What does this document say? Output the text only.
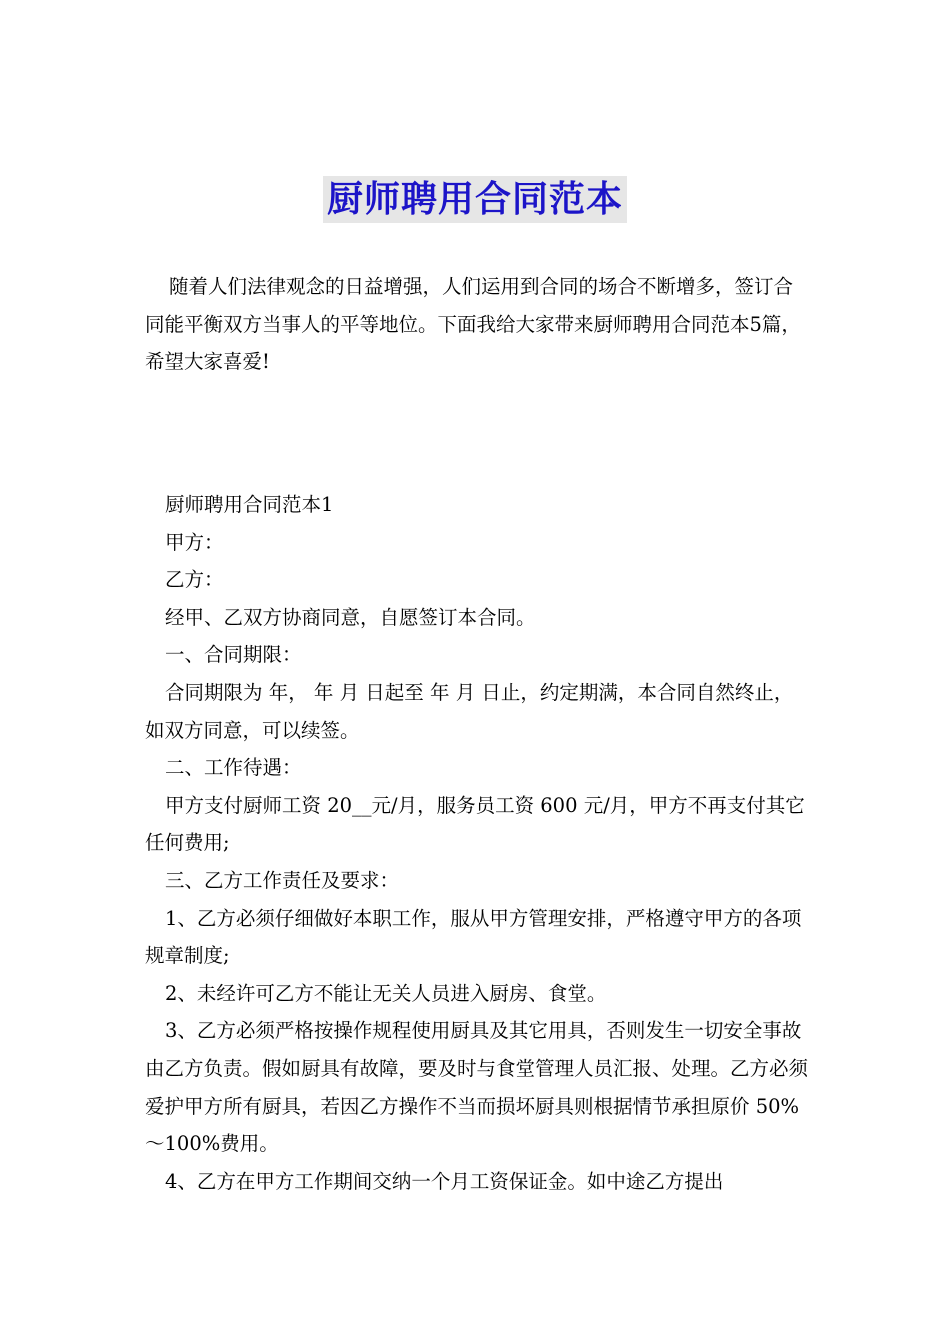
厨师聘用合同范本

随着人们法律观念的日益增强，人们运用到合同的场合不断增多，签订合同能平衡双方当事人的平等地位。下面我给大家带来厨师聘用合同范本5篇，希望大家喜爱!

厨师聘用合同范本1

甲方：

乙方：

经甲、乙双方协商同意，自愿签订本合同。

一、合同期限：

合同期限为 年， 年 月 日起至 年 月 日止，约定期满，本合同自然终止，如双方同意，可以续签。

二、工作待遇：

甲方支付厨师工资 20__元/月，服务员工资 600 元/月，甲方不再支付其它任何费用;

三、乙方工作责任及要求：

1、乙方必须仔细做好本职工作，服从甲方管理安排，严格遵守甲方的各项规章制度;

2、未经许可乙方不能让无关人员进入厨房、食堂。

3、乙方必须严格按操作规程使用厨具及其它用具，否则发生一切安全事故由乙方负责。假如厨具有故障，要及时与食堂管理人员汇报、处理。乙方必须爱护甲方所有厨具，若因乙方操作不当而损坏厨具则根据情节承担原价 50%～100%费用。

4、乙方在甲方工作期间交纳一个月工资保证金。如中途乙方提出
